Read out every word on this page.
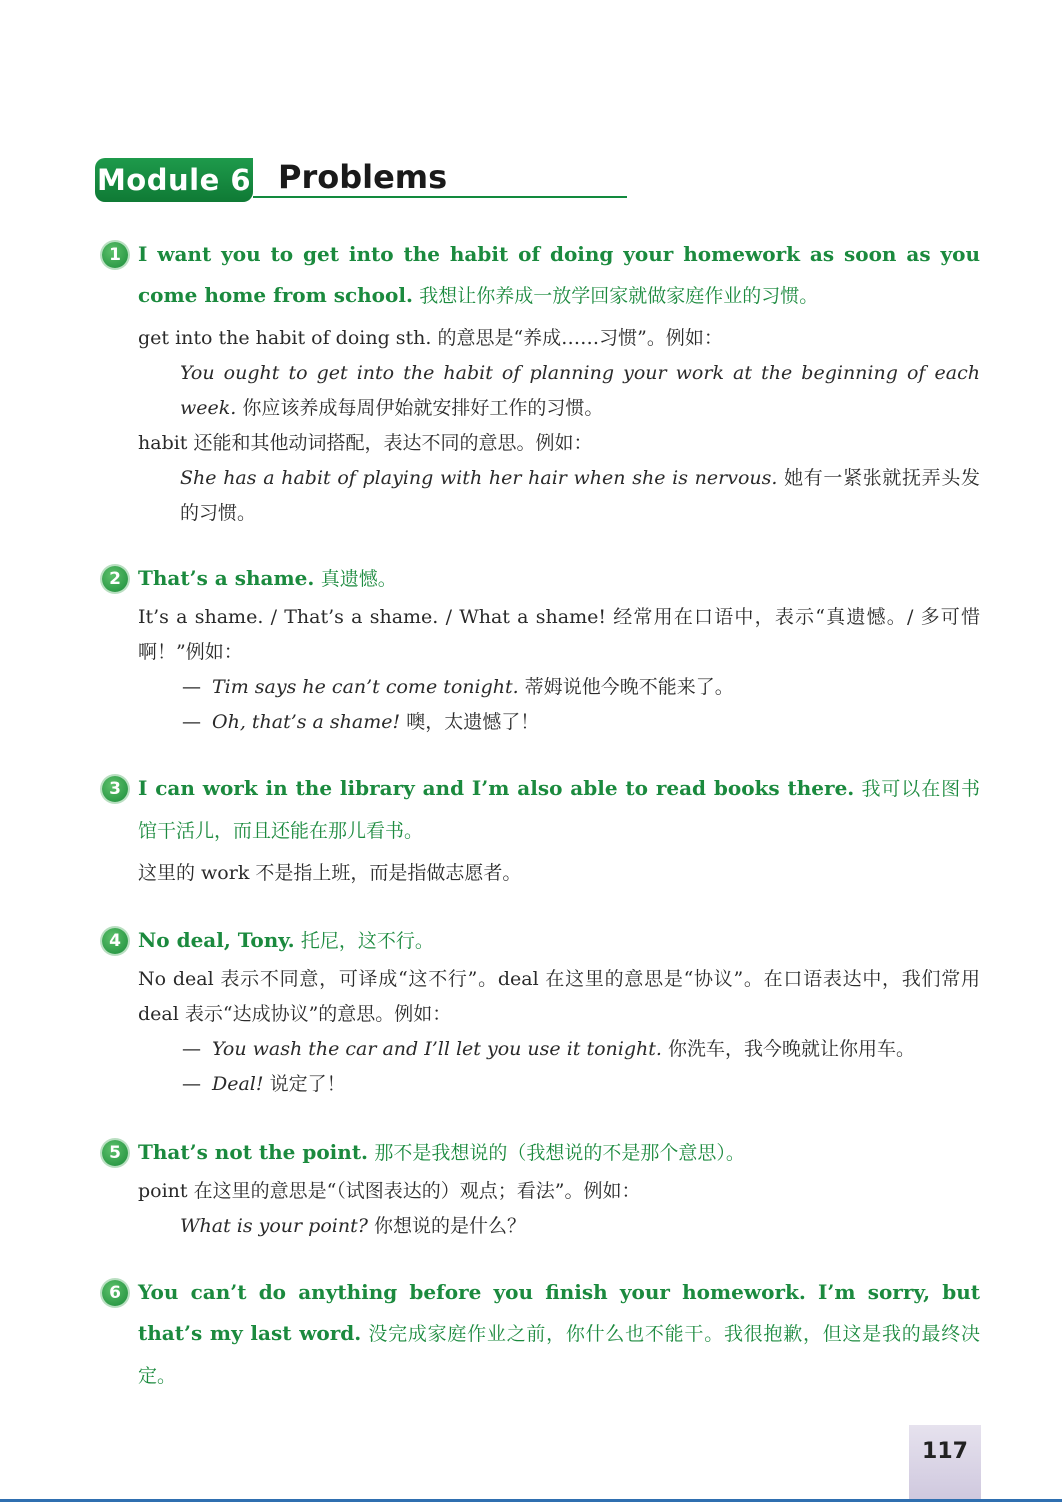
Module 6 Problems
1 I want you to get into the habit of doing your homework as soon as you come home from school. 我想让你养成一放学回家就做家庭作业的习惯。
get into the habit of doing sth. 的意思是“养成……习惯”。例如：
You ought to get into the habit of planning your work at the beginning of each week. 你应该养成每周伊始就安排好工作的习惯。
habit 还能和其他动词搭配，表达不同的意思。例如：
She has a habit of playing with her hair when she is nervous. 她有一紧张就抚弄头发的习惯。
2 That’s a shame. 真遗憾。
It’s a shame. / That’s a shame. / What a shame! 经常用在口语中，表示“真遗憾。/ 多可惜啊！”例如：
— Tim says he can’t come tonight. 蒂姆说他今晚不能来了。
— Oh, that’s a shame! 噢，太遗憾了！
3 I can work in the library and I’m also able to read books there. 我可以在图书馆干活儿，而且还能在那儿看书。
这里的 work 不是指上班，而是指做志愿者。
4 No deal, Tony. 托尼，这不行。
No deal 表示不同意，可译成“这不行”。deal 在这里的意思是“协议”。在口语表达中，我们常用 deal 表示“达成协议”的意思。例如：
— You wash the car and I’ll let you use it tonight. 你洗车，我今晚就让你用车。
— Deal! 说定了！
5 That’s not the point. 那不是我想说的（我想说的不是那个意思）。
point 在这里的意思是“（试图表达的）观点；看法”。例如：
What is your point? 你想说的是什么？
6 You can’t do anything before you finish your homework. I’m sorry, but that’s my last word. 没完成家庭作业之前，你什么也不能干。我很抱歉，但这是我的最终决定。
117
